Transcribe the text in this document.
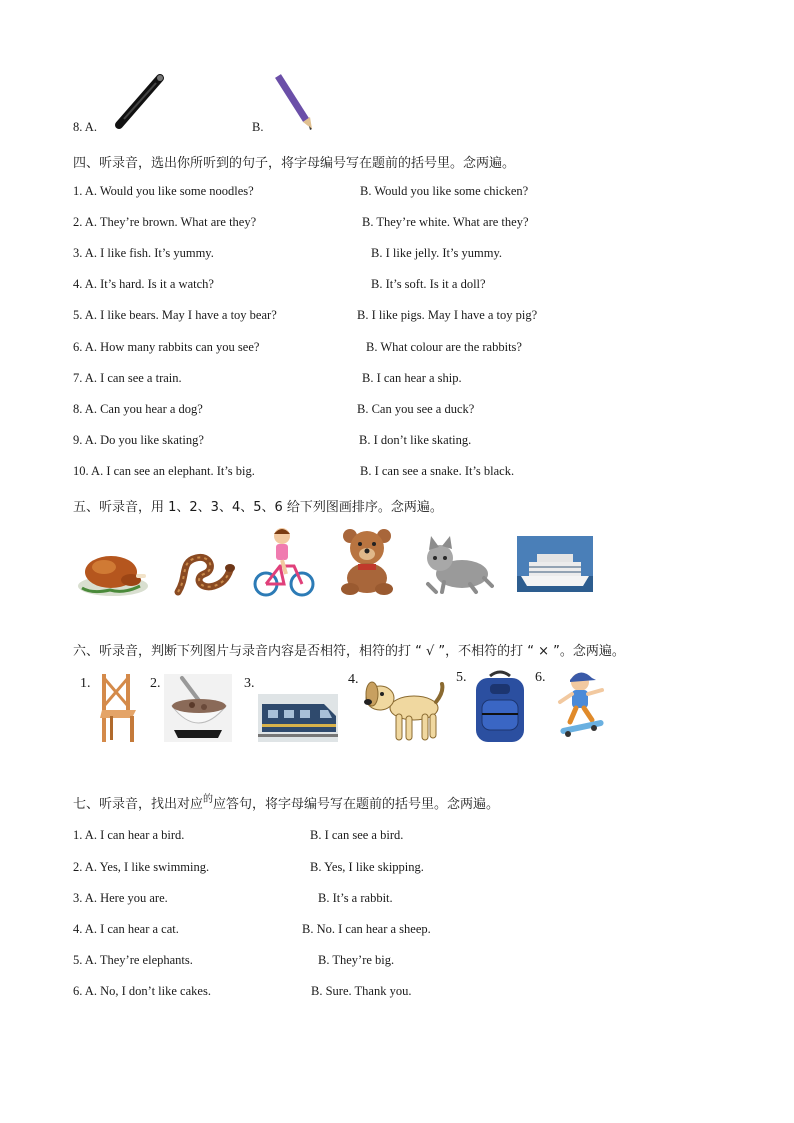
8. A.	B.
四、听录音，选出你所听到的句子，将字母编号写在题前的括号里。念两遍。
1. A. Would you like some noodles?	B. Would you like some chicken?
2. A. They’re brown. What are they?	B. They’re white. What are they?
3. A. I like fish. It’s yummy.	B. I like jelly. It’s yummy.
4. A. It’s hard. Is it a watch?	B. It’s soft. Is it a doll?
5. A. I like bears. May I have a toy bear?	B. I like pigs. May I have a toy pig?
6. A. How many rabbits can you see?	B. What colour are the rabbits?
7. A. I can see a train.	B. I can hear a ship.
8. A. Can you hear a dog?	B. Can you see a duck?
9. A. Do you like skating?	B. I don’t like skating.
10. A. I can see an elephant. It’s big.	B. I can see a snake. It’s black.
五、听录音，用 1、2、3、4、5、6 给下列图画排序。念两遍。
六、听录音，判断下列图片与录音内容是否相符，相符的打 “ √ ”，不相符的打 “ × ”。念两遍。
1.	2.	3.	4.	5.	6.
七、听录音，找出对应$^的$应答句，将字母编号写在题前的括号里。念两遍。
1. A. I can hear a bird.	B. I can see a bird.
2. A. Yes, I like swimming.	B. Yes, I like skipping.
3. A. Here you are.	B. It’s a rabbit.
4. A. I can hear a cat.	B. No. I can hear a sheep.
5. A. They’re elephants.	B. They’re big.
6. A. No, I don’t like cakes.	B. Sure. Thank you.
